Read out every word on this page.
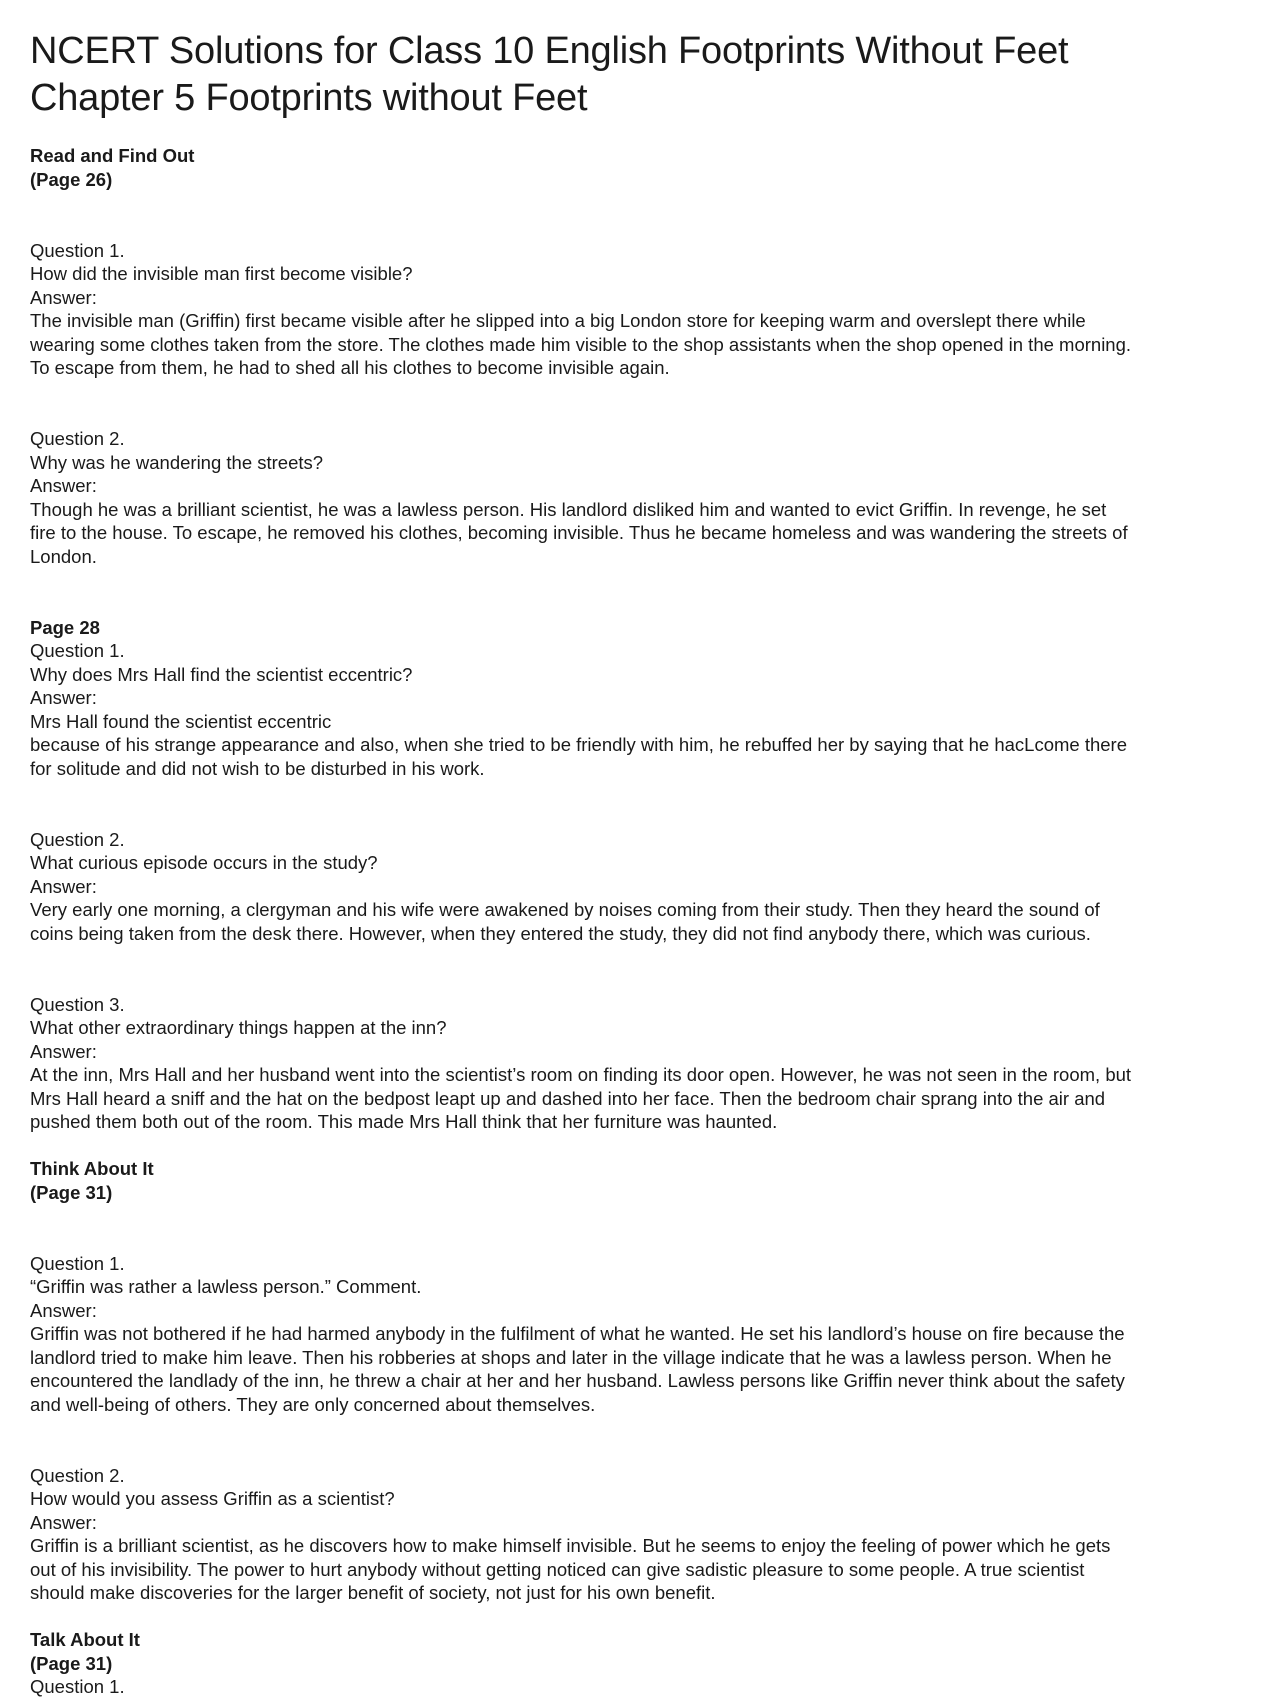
NCERT Solutions for Class 10 English Footprints Without Feet
Chapter 5 Footprints without Feet
Read and Find Out
(Page 26)
Question 1.
How did the invisible man first become visible?
Answer:
The invisible man (Griffin) first became visible after he slipped into a big London store for keeping warm and overslept there while
wearing some clothes taken from the store. The clothes made him visible to the shop assistants when the shop opened in the morning.
To escape from them, he had to shed all his clothes to become invisible again.
Question 2.
Why was he wandering the streets?
Answer:
Though he was a brilliant scientist, he was a lawless person. His landlord disliked him and wanted to evict Griffin. In revenge, he set
fire to the house. To escape, he removed his clothes, becoming invisible. Thus he became homeless and was wandering the streets of
London.
Page 28
Question 1.
Why does Mrs Hall find the scientist eccentric?
Answer:
Mrs Hall found the scientist eccentric
because of his strange appearance and also, when she tried to be friendly with him, he rebuffed her by saying that he hacLcome there
for solitude and did not wish to be disturbed in his work.
Question 2.
What curious episode occurs in the study?
Answer:
Very early one morning, a clergyman and his wife were awakened by noises coming from their study. Then they heard the sound of
coins being taken from the desk there. However, when they entered the study, they did not find anybody there, which was curious.
Question 3.
What other extraordinary things happen at the inn?
Answer:
At the inn, Mrs Hall and her husband went into the scientist’s room on finding its door open. However, he was not seen in the room, but
Mrs Hall heard a sniff and the hat on the bedpost leapt up and dashed into her face. Then the bedroom chair sprang into the air and
pushed them both out of the room. This made Mrs Hall think that her furniture was haunted.
Think About It
(Page 31)
Question 1.
“Griffin was rather a lawless person.” Comment.
Answer:
Griffin was not bothered if he had harmed anybody in the fulfilment of what he wanted. He set his landlord’s house on fire because the
landlord tried to make him leave. Then his robberies at shops and later in the village indicate that he was a lawless person. When he
encountered the landlady of the inn, he threw a chair at her and her husband. Lawless persons like Griffin never think about the safety
and well-being of others. They are only concerned about themselves.
Question 2.
How would you assess Griffin as a scientist?
Answer:
Griffin is a brilliant scientist, as he discovers how to make himself invisible. But he seems to enjoy the feeling of power which he gets
out of his invisibility. The power to hurt anybody without getting noticed can give sadistic pleasure to some people. A true scientist
should make discoveries for the larger benefit of society, not just for his own benefit.
Talk About It
(Page 31)
Question 1.
